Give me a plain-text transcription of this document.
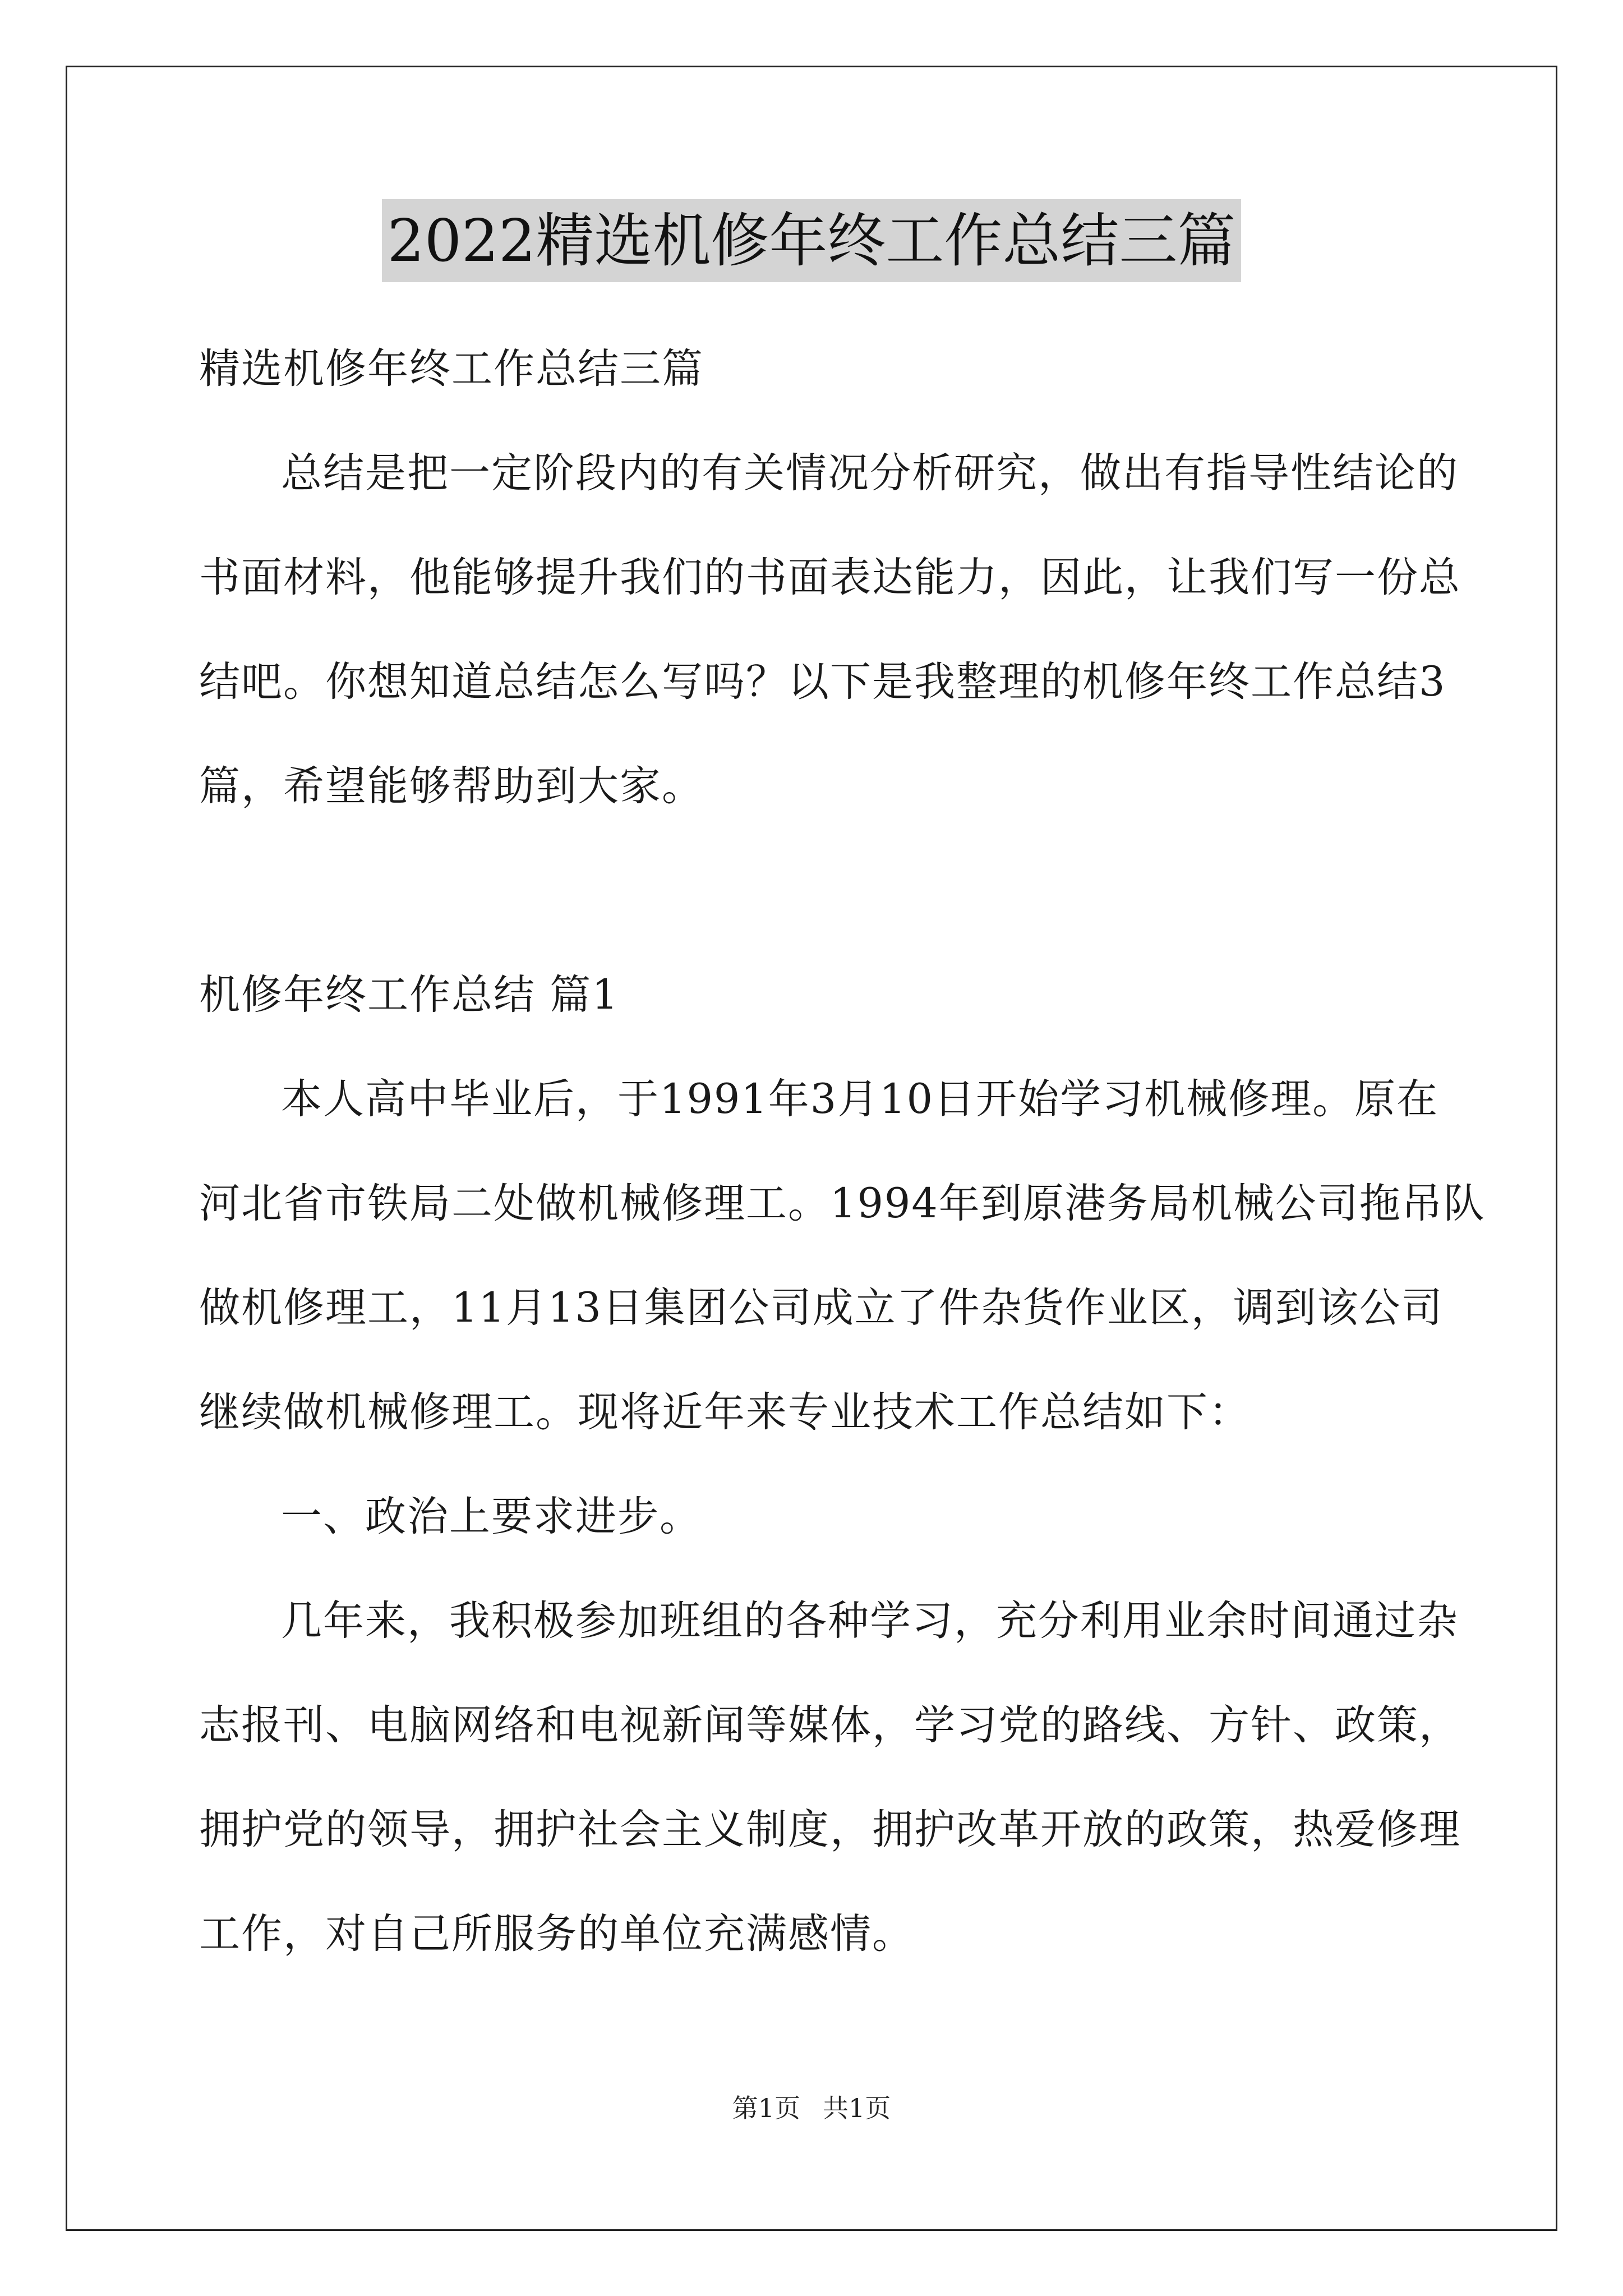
2022精选机修年终工作总结三篇
精选机修年终工作总结三篇
总结是把一定阶段内的有关情况分析研究，做出有指导性结论的
书面材料，他能够提升我们的书面表达能力，因此，让我们写一份总
结吧。你想知道总结怎么写吗？以下是我整理的机修年终工作总结3
篇，希望能够帮助到大家。
机修年终工作总结 篇1
本人高中毕业后，于1991年3月10日开始学习机械修理。原在
河北省市铁局二处做机械修理工。1994年到原港务局机械公司拖吊队
做机修理工，11月13日集团公司成立了件杂货作业区，调到该公司
继续做机械修理工。现将近年来专业技术工作总结如下：
一、政治上要求进步。
几年来，我积极参加班组的各种学习，充分利用业余时间通过杂
志报刊、电脑网络和电视新闻等媒体，学习党的路线、方针、政策，
拥护党的领导，拥护社会主义制度，拥护改革开放的政策，热爱修理
工作，对自己所服务的单位充满感情。
第1页 共1页
